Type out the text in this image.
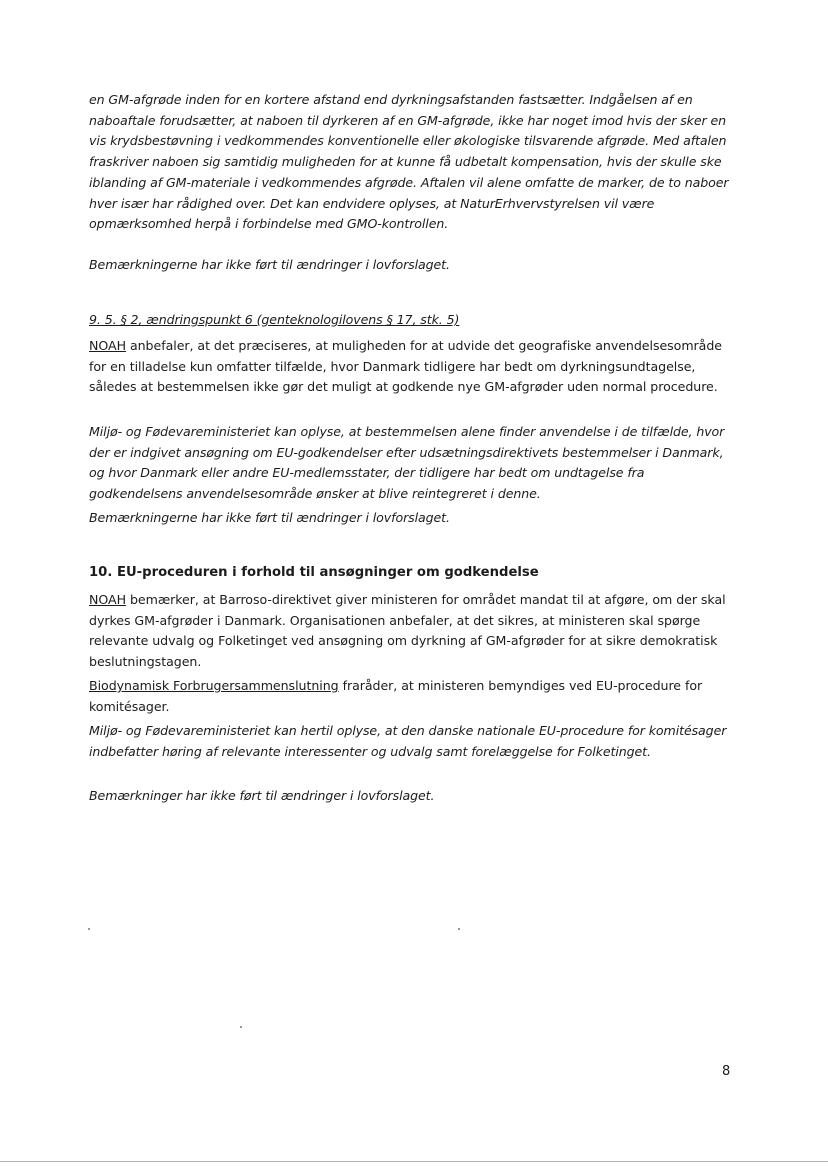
en GM-afgrøde inden for en kortere afstand end dyrkningsafstanden fastsætter. Indgåelsen af en naboaftale forudsætter, at naboen til dyrkeren af en GM-afgrøde, ikke har noget imod hvis der sker en vis krydsbestøvning i vedkommendes konventionelle eller økologiske tilsvarende afgrøde. Med aftalen fraskriver naboen sig samtidig muligheden for at kunne få udbetalt kompensation, hvis der skulle ske iblanding af GM-materiale i vedkommendes afgrøde. Aftalen vil alene omfatte de marker, de to naboer hver især har rådighed over. Det kan endvidere oplyses, at NaturErhvervstyrelsen vil være opmærksomhed herpå i forbindelse med GMO-kontrollen.

Bemærkningerne har ikke ført til ændringer i lovforslaget.

9. 5. § 2, ændringspunkt 6 (genteknologilovens § 17, stk. 5)

NOAH anbefaler, at det præciseres, at muligheden for at udvide det geografiske anvendelsesområde for en tilladelse kun omfatter tilfælde, hvor Danmark tidligere har bedt om dyrkningsundtagelse, således at bestemmelsen ikke gør det muligt at godkende nye GM-afgrøder uden normal procedure.

Miljø- og Fødevareministeriet kan oplyse, at bestemmelsen alene finder anvendelse i de tilfælde, hvor der er indgivet ansøgning om EU-godkendelser efter udsætningsdirektivets bestemmelser i Danmark, og hvor Danmark eller andre EU-medlemsstater, der tidligere har bedt om undtagelse fra godkendelsens anvendelsesområde ønsker at blive reintegreret i denne.

Bemærkningerne har ikke ført til ændringer i lovforslaget.

10. EU-proceduren i forhold til ansøgninger om godkendelse

NOAH bemærker, at Barroso-direktivet giver ministeren for området mandat til at afgøre, om der skal dyrkes GM-afgrøder i Danmark. Organisationen anbefaler, at det sikres, at ministeren skal spørge relevante udvalg og Folketinget ved ansøgning om dyrkning af GM-afgrøder for at sikre demokratisk beslutningstagen.

Biodynamisk Forbrugersammenslutning fraråder, at ministeren bemyndiges ved EU-procedure for komitésager.

Miljø- og Fødevareministeriet kan hertil oplyse, at den danske nationale EU-procedure for komitésager indbefatter høring af relevante interessenter og udvalg samt forelæggelse for Folketinget.

Bemærkninger har ikke ført til ændringer i lovforslaget.

8
